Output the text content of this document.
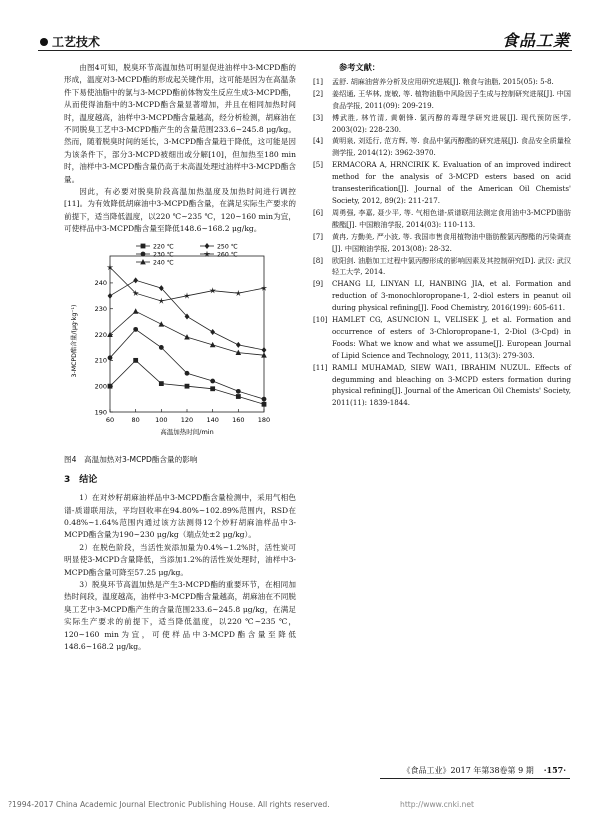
工艺技术	食品工業

由图4可知，脱臭环节高温加热可明显促进油样中3-MCPD酯的形成，温度对3-MCPD酯的形成起关键作用，这可能是因为在高温条件下易使油脂中的氯与3-MCPD酯前体物发生反应生成3-MCPD酯，从而使得油脂中的3-MCPD酯含量显著增加，并且在相同加热时间时，温度越高，油样中3-MCPD酯含量越高，经分析检测，胡麻油在不同脱臭工艺中3-MCPD酯产生的含量范围233.6~245.8 μg/kg。然而，随着脱臭时间的延长，3-MCPD酯含量趋于降低，这可能是因为该条件下，部分3-MCPD被细出或分解[10]，但加热至180 min时，油样中3-MCPD酯含量仍高于未高温处理过油样中3-MCPD酯含量。

因此，有必要对脱臭阶段高温加热温度及加热时间进行调控[11]。为有效降低胡麻油中3-MCPD酯含量，在满足实际生产要求的前提下，适当降低温度，以220 ℃~235 ℃，120~160 min为宜，可使样品中3-MCPD酯含量至降低148.6~168.2 μg/kg。

60	80 100 120 140 160 180
190
200
210
220
230
240
高温加热时间/min
3-MCPD酯含量/(μg·kg⁻¹)
220 ℃
230 ℃
240 ℃
250 ℃
260 ℃
图4　高温加热对3-MCPD酯含量的影响
3　结论

1）在对炒籽胡麻油样品中3-MCPD酯含量检测中，采用气相色谱-质谱联用法，平均回收率在94.80%~102.89%范围内，RSD在0.48%~1.64%范围内通过该方法测得12个炒籽胡麻油样品中3-MCPD酯含量为190~230 μg/kg（端点处±2 μg/kg）。

2）在脱色阶段，当活性炭添加量为0.4%~1.2%时，活性炭可明显使3-MCPD含量降低，当添加1.2%的活性炭处理时，油样中3-MCPD酯含量可降至57.25 μg/kg。

3）脱臭环节高温加热是产生3-MCPD酯的重要环节，在相同加热时间段，温度越高，油样中3-MCPD酯含量越高，胡麻油在不同脱臭工艺中3-MCPD酯产生的含量范围233.6~245.8 μg/kg，在满足实际生产要求的前提下，适当降低温度，以220 ℃~235 ℃，120~160 min为宜，可使样品中3-MCPD酯含量至降低148.6~168.2 μg/kg。

参考文献：
[1]	孟舒. 胡麻油营养分析及应用研究进展[J]. 粮食与油脂, 2015(05): 5-8.
[2]	姜绍通, 王华林, 庞敏, 等. 植物油脂中风险因子生成与控制研究进展[J]. 中国食品学报, 2011(09): 209-219.
[3]	傅武胜, 林竹清, 黄朝锋. 氯丙醇的毒理学研究进展[J]. 现代预防医学, 2003(02): 228-230.
[4]	黄明泉, 刘廷行, 范方辉, 等. 食品中氯丙醇酯的研究进展[J]. 食品安全质量检测学报, 2014(12): 3962-3970.
[5]	ERMACORA A, HRNCIRIK K. Evaluation of an improved indirect method for the analysis of 3-MCPD esters based on acid transesterification[J]. Journal of the American Oil Chemists' Society, 2012, 89(2): 211-217.
[6]	周勇强, 李嘉, 聂少平, 等. 气相色谱-质谱联用法测定食用油中3-MCPD脂肪酸酯[J]. 中国粮油学报, 2014(03): 110-113.
[7]	黄冉, 方勤美, 严小波, 等. 我国市售食用植物油中脂肪酸氯丙醇酯的污染调查[J]. 中国粮油学报, 2013(08): 28-32.
[8]	欧阳剑. 油脂加工过程中氯丙醇形成的影响因素及其控制研究[D]. 武汉: 武汉轻工大学, 2014.
[9]	CHANG LI, LINYAN LI, HANBING JIA, et al. Formation and reduction of 3-monochloropropane-1, 2-diol esters in peanut oil during physical refining[J]. Food Chemistry, 2016(199): 605-611.
[10] HAMLET CG, ASUNCION L, VELISEK J, et al. Formation and occurrence of esters of 3-Chloropropane-1, 2-Diol (3-Cpd) in Foods: What we know and what we assume[J]. European Journal of Lipid Science and Technology, 2011, 113(3): 279-303.
[11] RAMLI MUHAMAD, SIEW WAI1, IBRAHIM NUZUL. Effects of degumming and bleaching on 3-MCPD esters formation during physical refining[J]. Journal of the American Oil Chemists' Society, 2011(11): 1839-1844.
《食品工业》2017 年第38卷第 9 期 ·157·
?1994-2017 China Academic Journal Electronic Publishing House. All rights reserved.	http://www.cnki.net
